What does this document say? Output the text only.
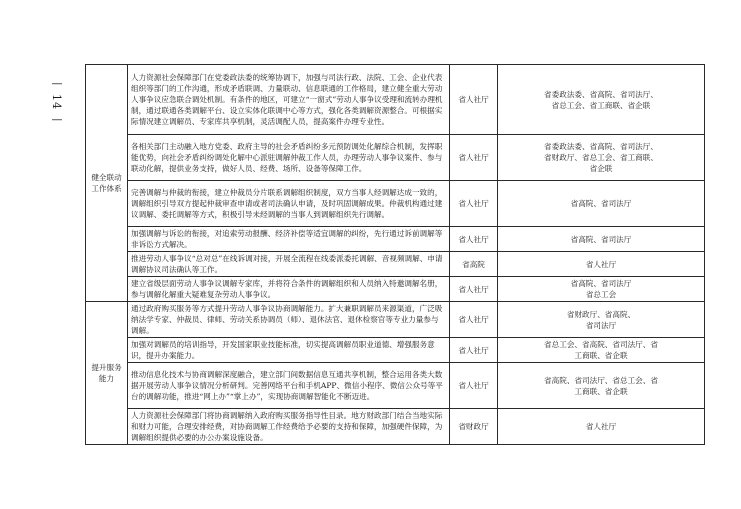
—
14
—
健全联动工作体系	人力资源社会保障部门在党委政法委的统筹协调下，加强与司法行政、法院、工会、企业代表组织等部门的工作沟通，形成矛盾联调、力量联动、信息联通的工作格局，建立健全重大劳动人事争议应急联合调处机制。有条件的地区，可建立“一窗式”劳动人事争议受理和流转办理机制，通过联通各类调解平台、设立实体化联调中心等方式，强化各类调解资源整合。可根据实际情况建立调解员、专家库共享机制，灵活调配人员，提高案件办理专业性。	省人社厅	省委政法委、省高院、省司法厅、
省总工会、省工商联、省企联

	各相关部门主动融入地方党委、政府主导的社会矛盾纠纷多元预防调处化解综合机制，发挥职能优势，向社会矛盾纠纷调处化解中心派驻调解仲裁工作人员，办理劳动人事争议案件、参与联动化解，提供业务支持，做好人员、经费、场所、设备等保障工作。	省人社厅	省委政法委、省高院、省司法厅、
省财政厅、省总工会、省工商联、
省企联

	完善调解与仲裁的衔接，建立仲裁员分片联系调解组织制度，双方当事人经调解达成一致的，调解组织引导双方提起仲裁审查申请或者司法确认申请，及时巩固调解成果。仲裁机构通过建议调解、委托调解等方式，积极引导未经调解的当事人到调解组织先行调解。	省人社厅	省高院、省司法厅

	加强调解与诉讼的衔接，对追索劳动报酬、经济补偿等适宜调解的纠纷，先行通过诉前调解等非诉讼方式解决。	省人社厅	省高院、省司法厅

	推进劳动人事争议“总对总”在线诉调对接，开展全流程在线委派委托调解、音视频调解、申请调解协议司法确认等工作。	省高院	省人社厅

	建立省级层面劳动人事争议调解专家库，并将符合条件的调解组织和人员纳入特邀调解名册，参与调解化解重大疑难复杂劳动人事争议。	省人社厅	省高院、省司法厅
省总工会

提升服务能力	通过政府购买服务等方式提升劳动人事争议协商调解能力。扩大兼职调解员来源渠道，广泛吸纳法学专家、仲裁员、律师、劳动关系协调员（师）、退休法官、退休检察官等专业力量参与调解。	省人社厅	省财政厅、省高院、
省司法厅

	加强对调解员的培训指导，开发国家职业技能标准，切实提高调解员职业道德、增强服务意识，提升办案能力。	省人社厅	省总工会、省高院、省司法厅、省
工商联、省企联

	推动信息化技术与协商调解深度融合，建立部门间数据信息互通共享机制，整合运用各类大数据开展劳动人事争议情况分析研判。完善网络平台和手机APP、微信小程序、微信公众号等平台的调解功能，推进“网上办”“掌上办”，实现协商调解智能化不断迈进。	省人社厅	省高院、省司法厅、省总工会、省
工商联、省企联

	人力资源社会保障部门将协商调解纳入政府购买服务指导性目录。地方财政部门结合当地实际和财力可能，合理安排经费，对协商调解工作经费给予必要的支持和保障，加强硬件保障，为调解组织提供必要的办公办案设施设备。	省财政厅	省人社厅
